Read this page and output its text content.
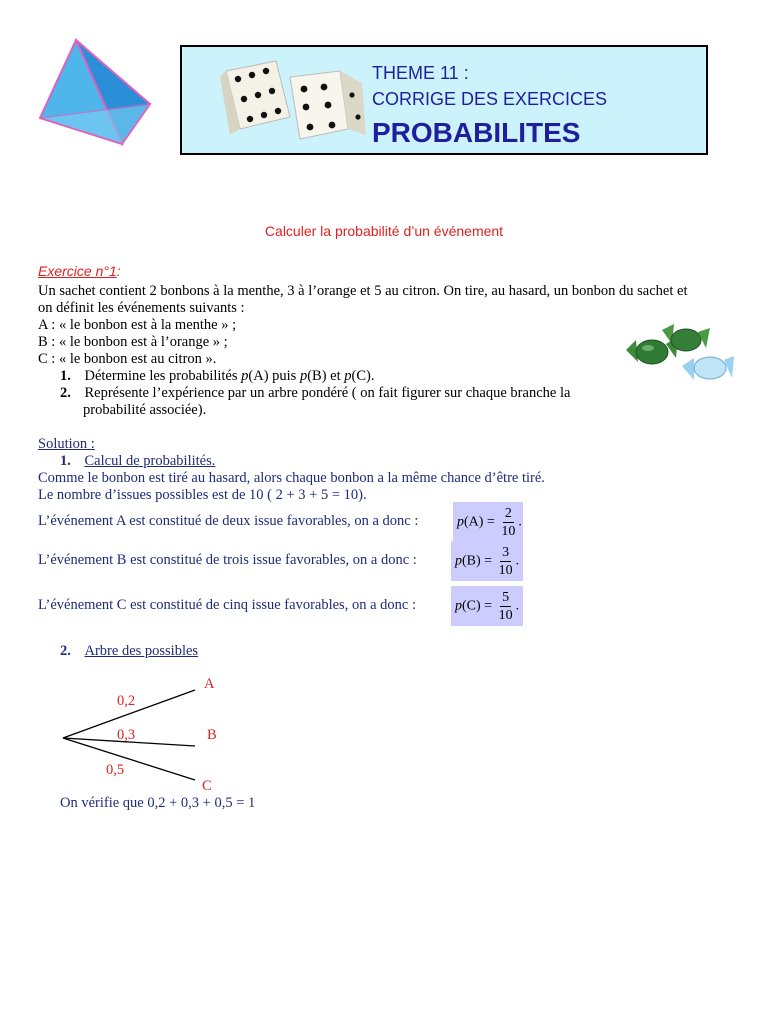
THEME 11 :
CORRIGE DES EXERCICES
PROBABILITES
Calculer la probabilité d’un événement
Exercice n°1:
Un sachet contient 2 bonbons à la menthe, 3 à l’orange et 5 au citron. On tire, au hasard, un bonbon du sachet et
on définit les événements suivants :
A : « le bonbon est à la menthe » ;
B : « le bonbon est à l’orange » ;
C : « le bonbon est au citron ».
1. Détermine les probabilités p(A) puis p(B) et p(C).
2. Représente l’expérience par un arbre pondéré ( on fait figurer sur chaque branche la
probabilité associée).
Solution :
1. Calcul de probabilités.
Comme le bonbon est tiré au hasard, alors chaque bonbon a la même chance d’être tiré.
Le nombre d’issues possibles est de 10 ( 2 + 3 + 5 = 10).
L’événement A est constitué de deux issue favorables, on a donc :	$p(A) = \frac{2}{10}$ .
L’événement B est constitué de trois issue favorables, on a donc :	$p(B) = \frac{3}{10}$ .
L’événement C est constitué de cinq issue favorables, on a donc :	$p(C) = \frac{5}{10}$ .
2. Arbre des possibles
A
B
C
0,2
0,3
0,5
On vérifie que 0,2 + 0,3 + 0,5 = 1
